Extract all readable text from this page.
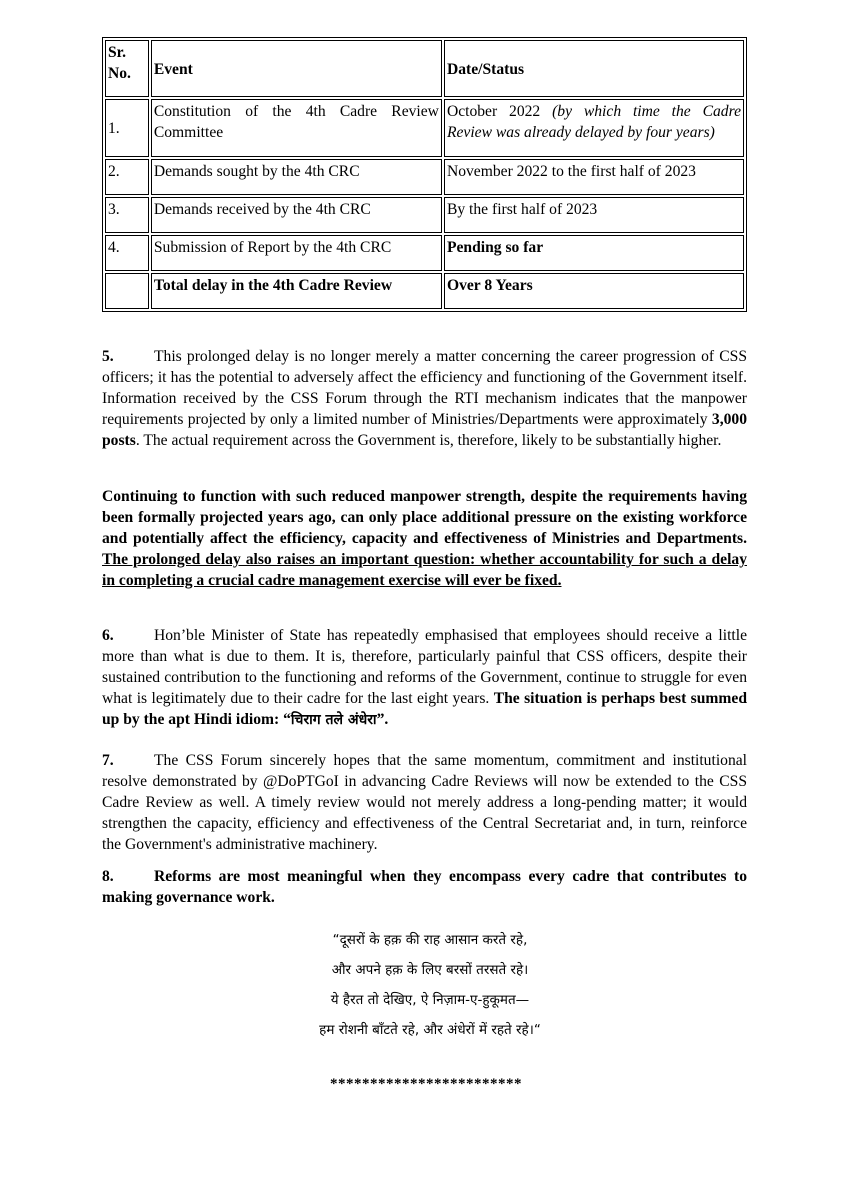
Sr. No.	Event	Date/Status
1.	Constitution of the 4th Cadre Review Committee	October 2022 (by which time the Cadre Review was already delayed by four years)
2.	Demands sought by the 4th CRC	November 2022 to the first half of 2023
3.	Demands received by the 4th CRC	By the first half of 2023
4.	Submission of Report by the 4th CRC	Pending so far
	Total delay in the 4th Cadre Review	Over 8 Years

5.	This prolonged delay is no longer merely a matter concerning the career progression of CSS officers; it has the potential to adversely affect the efficiency and functioning of the Government itself. Information received by the CSS Forum through the RTI mechanism indicates that the manpower requirements projected by only a limited number of Ministries/Departments were approximately 3,000 posts. The actual requirement across the Government is, therefore, likely to be substantially higher.

Continuing to function with such reduced manpower strength, despite the requirements having been formally projected years ago, can only place additional pressure on the existing workforce and potentially affect the efficiency, capacity and effectiveness of Ministries and Departments. The prolonged delay also raises an important question: whether accountability for such a delay in completing a crucial cadre management exercise will ever be fixed.

6.	Hon’ble Minister of State has repeatedly emphasised that employees should receive a little more than what is due to them. It is, therefore, particularly painful that CSS officers, despite their sustained contribution to the functioning and reforms of the Government, continue to struggle for even what is legitimately due to their cadre for the last eight years. The situation is perhaps best summed up by the apt Hindi idiom: “चिराग तले अंधेरा”.

7.	The CSS Forum sincerely hopes that the same momentum, commitment and institutional resolve demonstrated by @DoPTGoI in advancing Cadre Reviews will now be extended to the CSS Cadre Review as well. A timely review would not merely address a long-pending matter; it would strengthen the capacity, efficiency and effectiveness of the Central Secretariat and, in turn, reinforce the Government's administrative machinery.

8.	Reforms are most meaningful when they encompass every cadre that contributes to making governance work.

“दूसरों के हक़ की राह आसान करते रहे,
और अपने हक़ के लिए बरसों तरसते रहे।
ये हैरत तो देखिए, ऐ निज़ाम-ए-हुकूमत—
हम रोशनी बाँटते रहे, और अंधेरों में रहते रहे।“
************************
